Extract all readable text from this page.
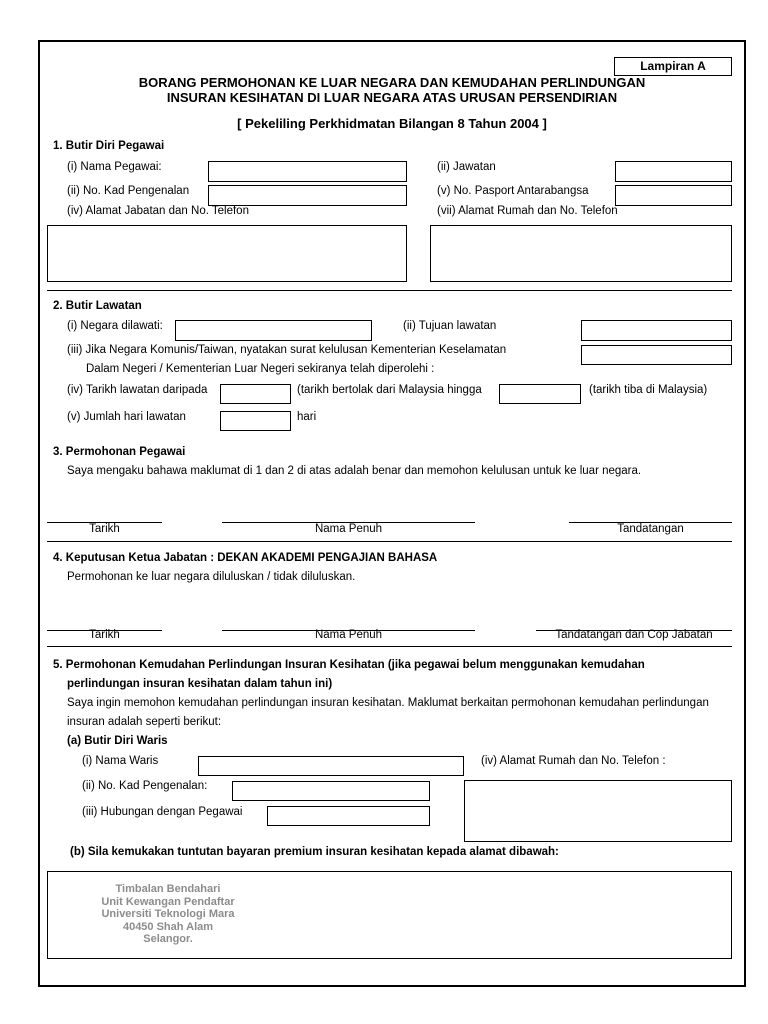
Lampiran A
BORANG PERMOHONAN KE LUAR NEGARA DAN KEMUDAHAN PERLINDUNGAN
INSURAN KESIHATAN DI LUAR NEGARA ATAS URUSAN PERSENDIRIAN
[ Pekeliling Perkhidmatan Bilangan 8 Tahun 2004 ]
1. Butir Diri Pegawai
(i) Nama Pegawai:	(ii) Jawatan
(ii) No. Kad Pengenalan	(v) No. Pasport Antarabangsa
(iv) Alamat Jabatan dan No. Telefon	(vii) Alamat Rumah dan No. Telefon
2. Butir Lawatan
(i) Negara dilawati:	(ii) Tujuan lawatan
(iii) Jika Negara Komunis/Taiwan, nyatakan surat kelulusan Kementerian Keselamatan
Dalam Negeri / Kementerian Luar Negeri sekiranya telah diperolehi :
(iv) Tarikh lawatan daripada	(tarikh bertolak dari Malaysia hingga	(tarikh tiba di Malaysia)
(v) Jumlah hari lawatan	hari
3. Permohonan Pegawai
Saya mengaku bahawa maklumat di 1 dan 2 di atas adalah benar dan memohon kelulusan untuk ke luar negara.
Tarikh	Nama Penuh	Tandatangan
4. Keputusan Ketua Jabatan : DEKAN AKADEMI PENGAJIAN BAHASA
Permohonan ke luar negara diluluskan / tidak diluluskan.
Tarikh	Nama Penuh	Tandatangan dan Cop Jabatan
5. Permohonan Kemudahan Perlindungan Insuran Kesihatan (jika pegawai belum menggunakan kemudahan
perlindungan insuran kesihatan dalam tahun ini)
Saya ingin memohon kemudahan perlindungan insuran kesihatan. Maklumat berkaitan permohonan kemudahan perlindungan
insuran adalah seperti berikut:
(a) Butir Diri Waris
(i) Nama Waris	(iv) Alamat Rumah dan No. Telefon :
(ii) No. Kad Pengenalan:
(iii) Hubungan dengan Pegawai
(b) Sila kemukakan tuntutan bayaran premium insuran kesihatan kepada alamat dibawah:
Timbalan Bendahari
Unit Kewangan Pendaftar
Universiti Teknologi Mara
40450 Shah Alam
Selangor.
